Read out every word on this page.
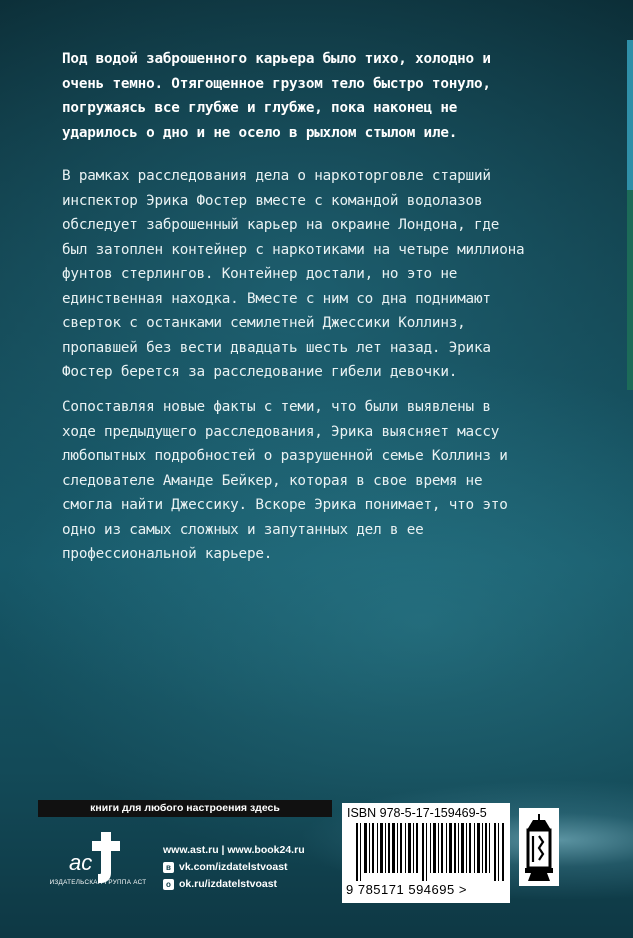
Под водой заброшенного карьера было тихо, холодно и очень темно. Отягощенное грузом тело быстро тонуло, погружаясь все глубже и глубже, пока наконец не ударилось о дно и не осело в рыхлом стылом иле.

В рамках расследования дела о наркоторговле старший инспектор Эрика Фостер вместе с командой водолазов обследует заброшенный карьер на окраине Лондона, где был затоплен контейнер с наркотиками на четыре миллиона фунтов стерлингов. Контейнер достали, но это не единственная находка. Вместе с ним со дна поднимают сверток с останками семилетней Джессики Коллинз, пропавшей без вести двадцать шесть лет назад. Эрика Фостер берется за расследование гибели девочки.

Сопоставляя новые факты с теми, что были выявлены в ходе предыдущего расследования, Эрика выясняет массу любопытных подробностей о разрушенной семье Коллинз и следователе Аманде Бейкер, которая в свое время не смогла найти Джессику. Вскоре Эрика понимает, что это одно из самых сложных и запутанных дел в ее профессиональной карьере.

книги для любого настроения здесь
ac
ИЗДАТЕЛЬСКАЯ ГРУППА АСТ
www.ast.ru | www.book24.ru
в vk.com/izdatelstvoast
о ok.ru/izdatelstvoast
ISBN 978-5-17-159469-5
9 785171 594695 >
